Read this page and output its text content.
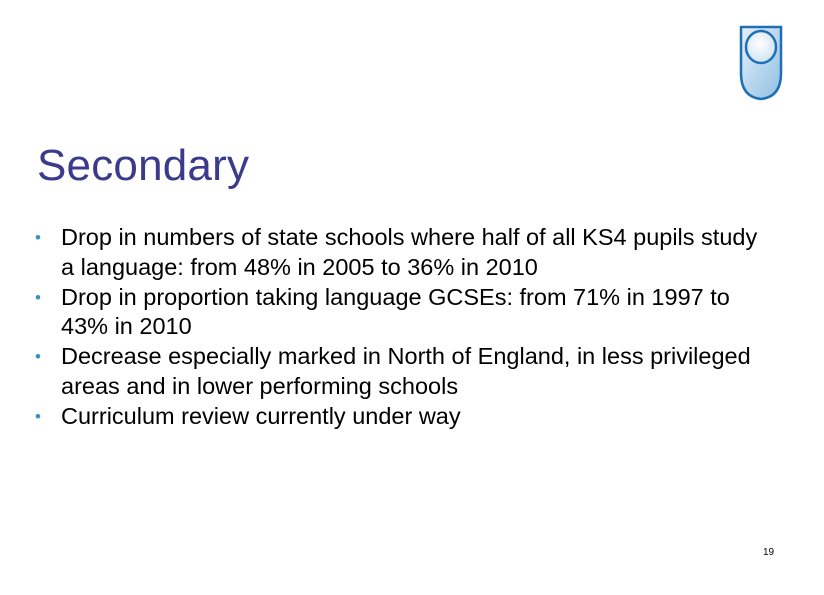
Secondary
• Drop in numbers of state schools where half of all KS4 pupils study a language: from 48% in 2005 to 36% in 2010
• Drop in proportion taking language GCSEs: from 71% in 1997 to 43% in 2010
• Decrease especially marked in North of England, in less privileged areas and in lower performing schools
• Curriculum review currently under way
19
